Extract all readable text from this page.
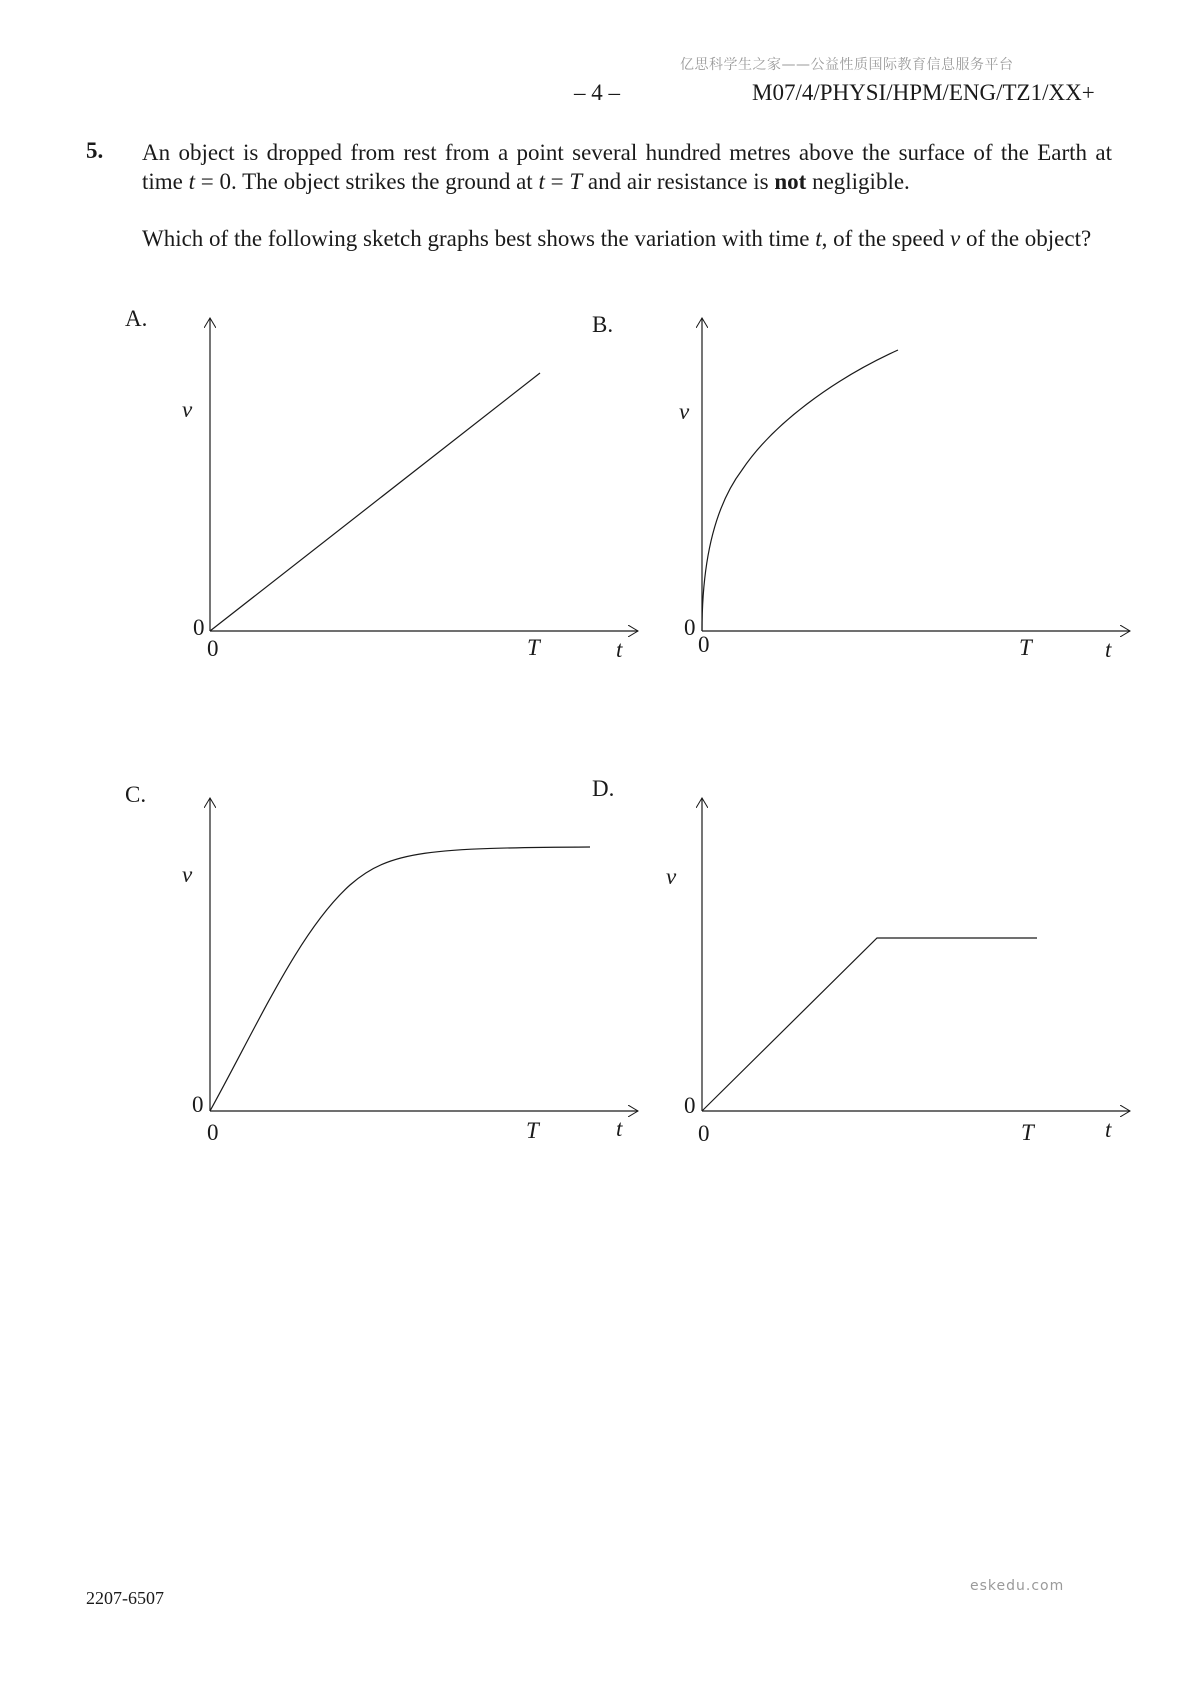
亿思科学生之家——公益性质国际教育信息服务平台
– 4 –	M07/4/PHYSI/HPM/ENG/TZ1/XX+
5. An object is dropped from rest from a point several hundred metres above the surface of the Earth at time t = 0. The object strikes the ground at t = T and air resistance is not negligible.
Which of the following sketch graphs best shows the variation with time t, of the speed v of the object?
A.	B.
C.	D.
v
0
0	T	t
v
0
0	T	t
v
0
0	T	t
v
0
0	T	t
2207-6507
eskedu.com
